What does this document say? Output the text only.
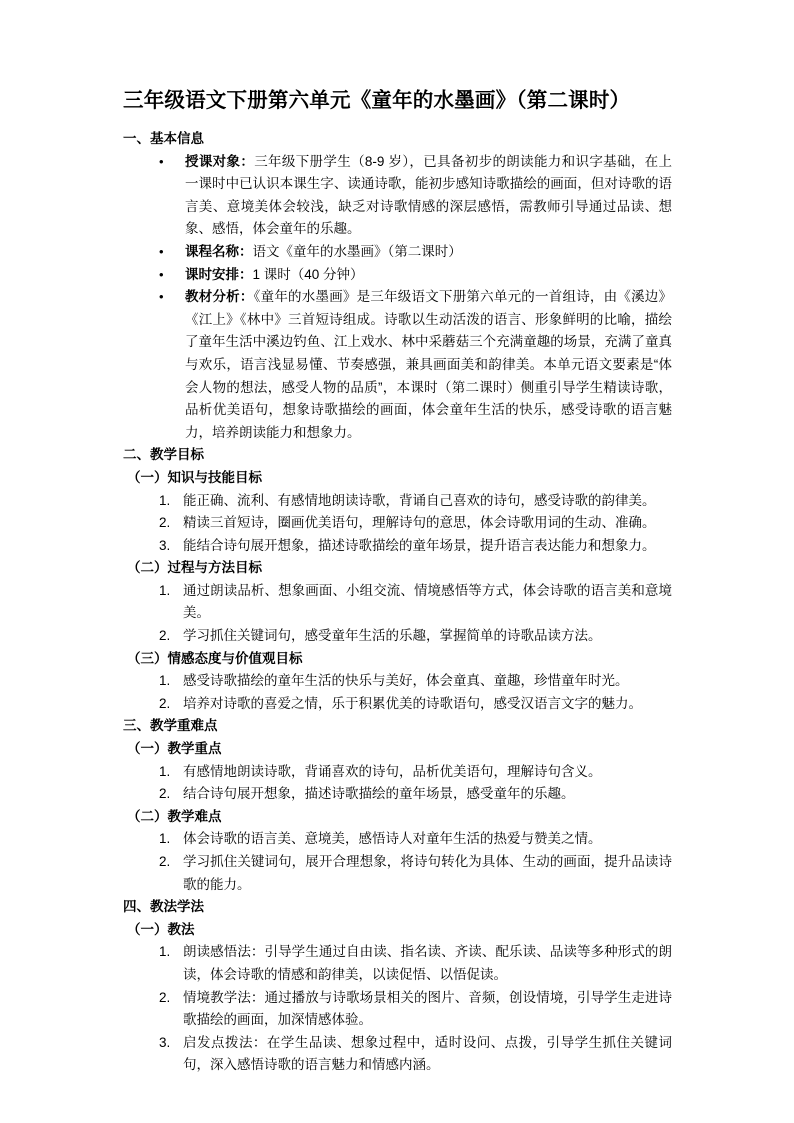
三年级语文下册第六单元《童年的水墨画》（第二课时）

一、基本信息

• 授课对象：三年级下册学生（8-9 岁），已具备初步的朗读能力和识字基础，在上一课时中已认识本课生字、读通诗歌，能初步感知诗歌描绘的画面，但对诗歌的语言美、意境美体会较浅，缺乏对诗歌情感的深层感悟，需教师引导通过品读、想象、感悟，体会童年的乐趣。
• 课程名称：语文《童年的水墨画》（第二课时）
• 课时安排：1 课时（40 分钟）
• 教材分析：《童年的水墨画》是三年级语文下册第六单元的一首组诗，由《溪边》《江上》《林中》三首短诗组成。诗歌以生动活泼的语言、形象鲜明的比喻，描绘了童年生活中溪边钓鱼、江上戏水、林中采蘑菇三个充满童趣的场景，充满了童真与欢乐，语言浅显易懂、节奏感强，兼具画面美和韵律美。本单元语文要素是“体会人物的想法，感受人物的品质”，本课时（第二课时）侧重引导学生精读诗歌，品析优美语句，想象诗歌描绘的画面，体会童年生活的快乐，感受诗歌的语言魅力，培养朗读能力和想象力。

二、教学目标

（一）知识与技能目标

能正确、流利、有感情地朗读诗歌，背诵自己喜欢的诗句，感受诗歌的韵律美。
精读三首短诗，圈画优美语句，理解诗句的意思，体会诗歌用词的生动、准确。
能结合诗句展开想象，描述诗歌描绘的童年场景，提升语言表达能力和想象力。

（二）过程与方法目标

通过朗读品析、想象画面、小组交流、情境感悟等方式，体会诗歌的语言美和意境美。
学习抓住关键词句，感受童年生活的乐趣，掌握简单的诗歌品读方法。

（三）情感态度与价值观目标

感受诗歌描绘的童年生活的快乐与美好，体会童真、童趣，珍惜童年时光。
培养对诗歌的喜爱之情，乐于积累优美的诗歌语句，感受汉语言文字的魅力。

三、教学重难点

（一）教学重点

有感情地朗读诗歌，背诵喜欢的诗句，品析优美语句，理解诗句含义。
结合诗句展开想象，描述诗歌描绘的童年场景，感受童年的乐趣。

（二）教学难点

体会诗歌的语言美、意境美，感悟诗人对童年生活的热爱与赞美之情。
学习抓住关键词句，展开合理想象，将诗句转化为具体、生动的画面，提升品读诗歌的能力。

四、教法学法

（一）教法

朗读感悟法：引导学生通过自由读、指名读、齐读、配乐读、品读等多种形式的朗读，体会诗歌的情感和韵律美，以读促悟、以悟促读。
情境教学法：通过播放与诗歌场景相关的图片、音频，创设情境，引导学生走进诗歌描绘的画面，加深情感体验。
启发点拨法：在学生品读、想象过程中，适时设问、点拨，引导学生抓住关键词句，深入感悟诗歌的语言魅力和情感内涵。
